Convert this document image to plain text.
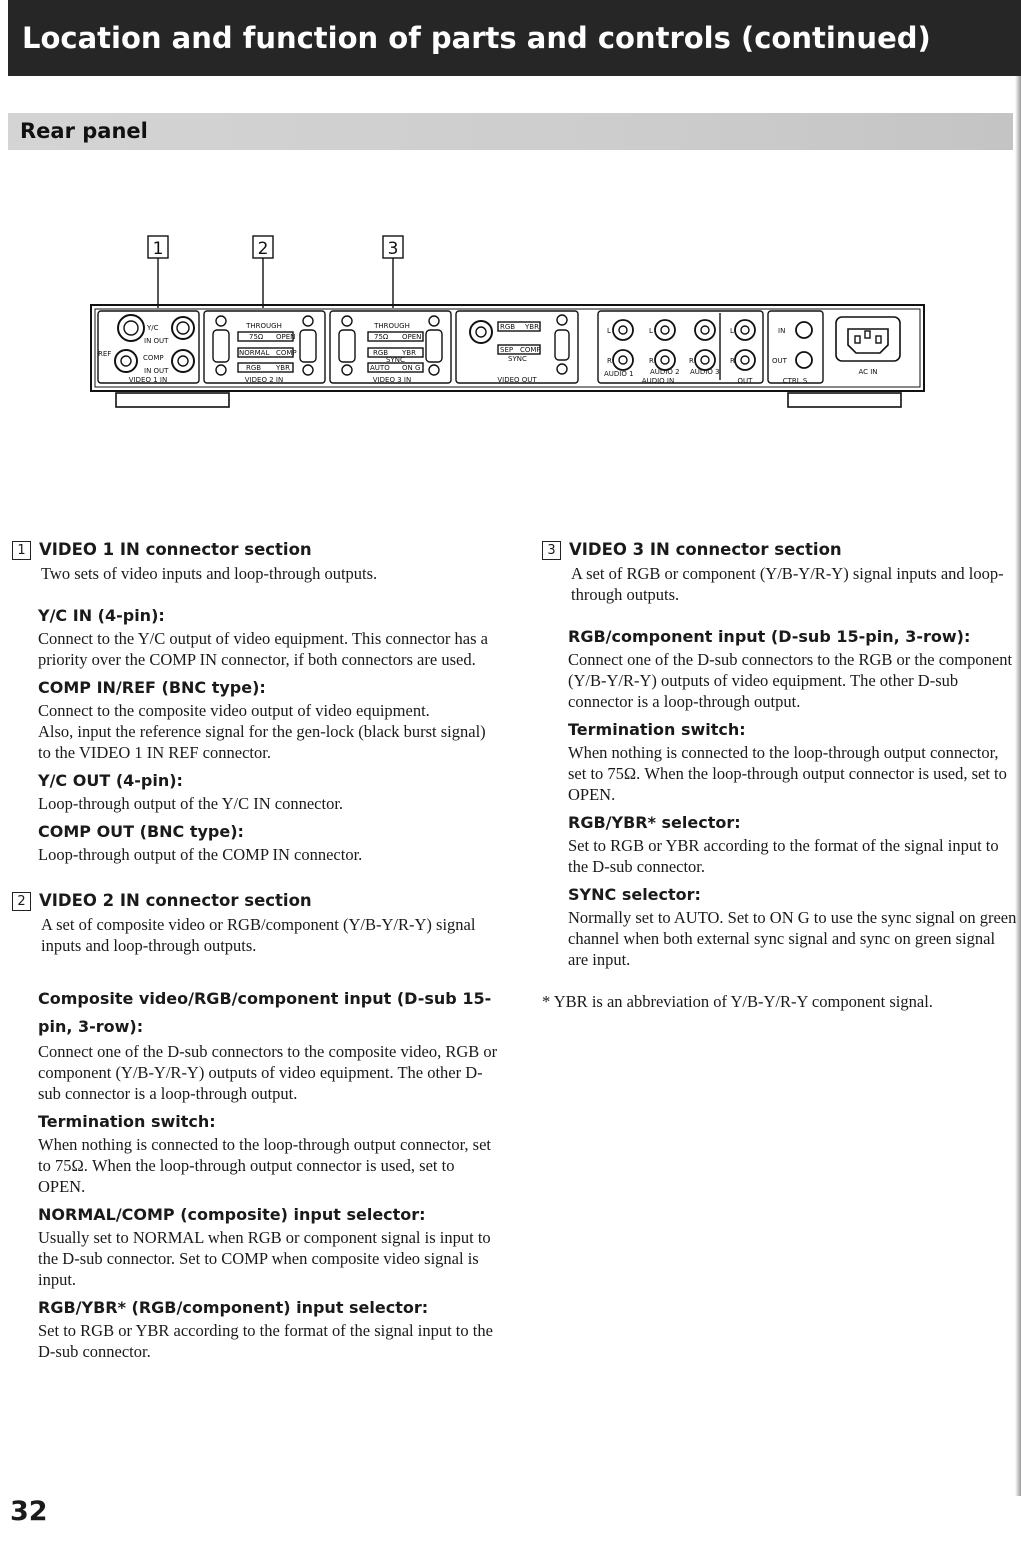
Location and function of parts and controls (continued)
Rear panel
1	2	3
Y/C
IN OUT
REF	COMP
IN OUT
VIDEO 1 IN
THROUGH
75Ω OPEN
NORMAL COMP
RGB YBR
VIDEO 2 IN
THROUGH
75Ω OPEN
RGB YBR
SYNC
AUTO ON G
VIDEO 3 IN
RGB YBR
SEP COMP
SYNC
VIDEO OUT
L	L	L
R	R	R	R
AUDIO 1 AUDIO 2 AUDIO 3
AUDIO IN	OUT
IN
OUT
CTRL S
AC IN

1 VIDEO 1 IN connector section

Two sets of video inputs and loop-through outputs.

Y/C IN (4-pin):

Connect to the Y/C output of video equipment. This connector has a priority over the COMP IN connector, if both connectors are used.

COMP IN/REF (BNC type):

Connect to the composite video output of video equipment.

Also, input the reference signal for the gen-lock (black burst signal) to the VIDEO 1 IN REF connector.

Y/C OUT (4-pin):

Loop-through output of the Y/C IN connector.

COMP OUT (BNC type):

Loop-through output of the COMP IN connector.

2 VIDEO 2 IN connector section

A set of composite video or RGB/component (Y/B-Y/R-Y) signal inputs and loop-through outputs.

Composite video/RGB/component input (D-sub 15-pin, 3-row):

Connect one of the D-sub connectors to the composite video, RGB or component (Y/B-Y/R-Y) outputs of video equipment. The other D-sub connector is a loop-through output.

Termination switch:

When nothing is connected to the loop-through output connector, set to 75Ω. When the loop-through output connector is used, set to OPEN.

NORMAL/COMP (composite) input selector:

Usually set to NORMAL when RGB or component signal is input to the D-sub connector. Set to COMP when composite video signal is input.

RGB/YBR* (RGB/component) input selector:

Set to RGB or YBR according to the format of the signal input to the D-sub connector.

3 VIDEO 3 IN connector section

A set of RGB or component (Y/B-Y/R-Y) signal inputs and loop-through outputs.

RGB/component input (D-sub 15-pin, 3-row):

Connect one of the D-sub connectors to the RGB or the component (Y/B-Y/R-Y) outputs of video equipment. The other D-sub connector is a loop-through output.

Termination switch:

When nothing is connected to the loop-through output connector, set to 75Ω. When the loop-through output connector is used, set to OPEN.

RGB/YBR* selector:

Set to RGB or YBR according to the format of the signal input to the D-sub connector.

SYNC selector:

Normally set to AUTO. Set to ON G to use the sync signal on green channel when both external sync signal and sync on green signal are input.

* YBR is an abbreviation of Y/B-Y/R-Y component signal.

32
